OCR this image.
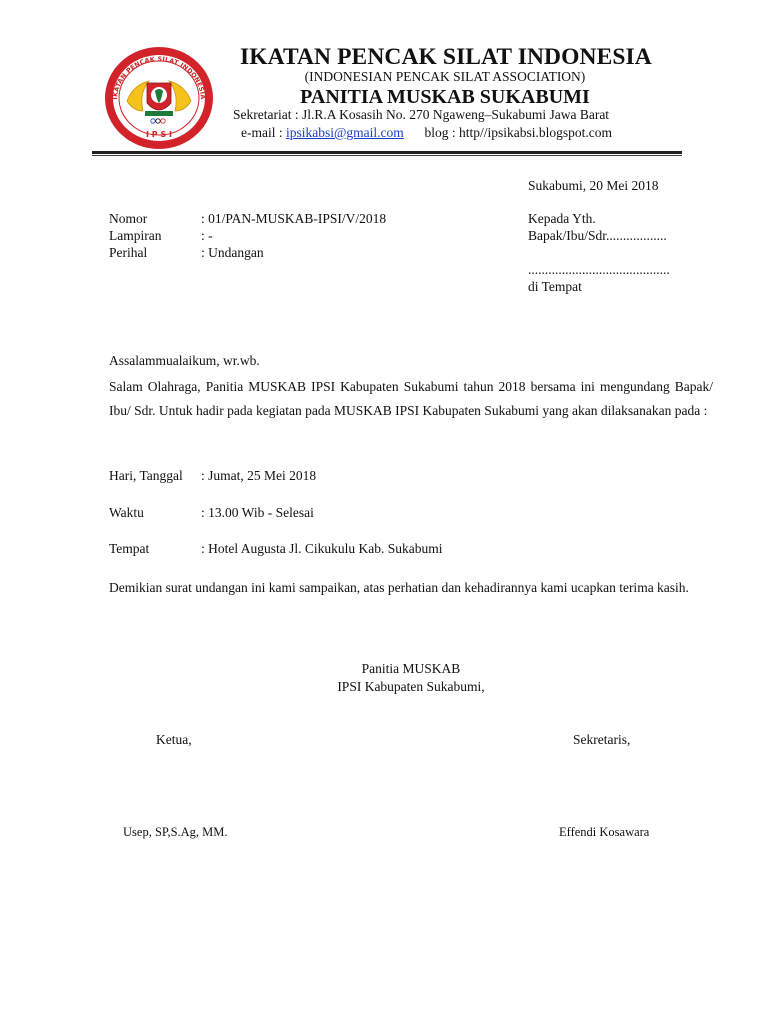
IKATAN PENCAK SILAT INDONESIA
I P S I
IKATAN PENCAK SILAT INDONESIA
(INDONESIAN PENCAK SILAT ASSOCIATION)
PANITIA MUSKAB SUKABUMI
Sekretariat : Jl.R.A Kosasih No. 270 Ngaweng–Sukabumi Jawa Barat
e-mail : ipsikabsi@gmail.com blog : http//ipsikabsi.blogspot.com
Sukabumi, 20 Mei 2018
Nomor	: 01/PAN-MUSKAB-IPSI/V/2018
Lampiran	: -
Perihal	: Undangan
Kepada Yth.
Bapak/Ibu/Sdr..................
..........................................
di Tempat
Assalammualaikum, wr.wb.
Salam Olahraga, Panitia MUSKAB IPSI Kabupaten Sukabumi tahun 2018 bersama ini mengundang Bapak/ Ibu/ Sdr. Untuk hadir pada kegiatan pada MUSKAB IPSI Kabupaten Sukabumi yang akan dilaksanakan pada :
Hari, Tanggal : Jumat, 25 Mei 2018
Waktu	: 13.00 Wib - Selesai
Tempat	: Hotel Augusta Jl. Cikukulu Kab. Sukabumi
Demikian surat undangan ini kami sampaikan, atas perhatian dan kehadirannya kami ucapkan terima kasih.
Panitia MUSKAB
IPSI Kabupaten Sukabumi,
Ketua,	Sekretaris,
Usep, SP,S.Ag, MM.	Effendi Kosawara
